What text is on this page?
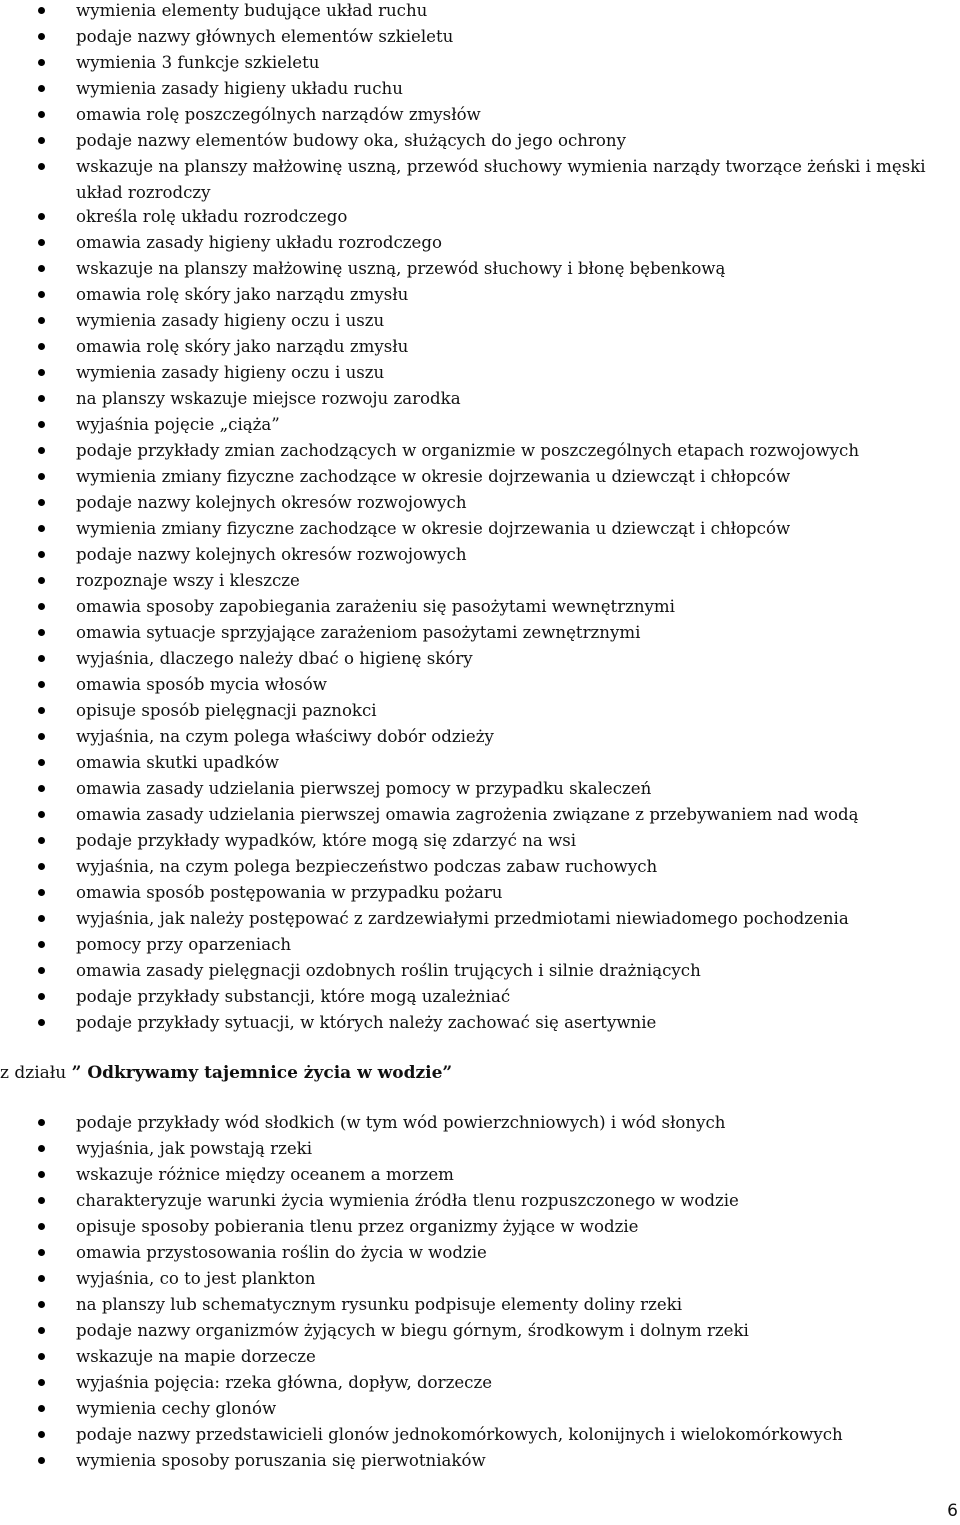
wymienia elementy budujące układ ruchu
podaje nazwy głównych elementów szkieletu
wymienia 3 funkcje szkieletu
wymienia zasady higieny układu ruchu
omawia rolę poszczególnych narządów zmysłów
podaje nazwy elementów budowy oka, służących do jego ochrony
wskazuje na planszy małżowinę uszną, przewód słuchowy wymienia narządy tworzące żeński i męski układ rozrodczy
określa rolę układu rozrodczego
omawia zasady higieny układu rozrodczego
wskazuje na planszy małżowinę uszną, przewód słuchowy i błonę bębenkową
omawia rolę skóry jako narządu zmysłu
wymienia zasady higieny oczu i uszu
omawia rolę skóry jako narządu zmysłu
wymienia zasady higieny oczu i uszu
na planszy wskazuje miejsce rozwoju zarodka
wyjaśnia pojęcie „ciąża”
podaje przykłady zmian zachodzących w organizmie w poszczególnych etapach rozwojowych
wymienia zmiany fizyczne zachodzące w okresie dojrzewania u dziewcząt i chłopców
podaje nazwy kolejnych okresów rozwojowych
wymienia zmiany fizyczne zachodzące w okresie dojrzewania u dziewcząt i chłopców
podaje nazwy kolejnych okresów rozwojowych
rozpoznaje wszy i kleszcze
omawia sposoby zapobiegania zarażeniu się pasożytami wewnętrznymi
omawia sytuacje sprzyjające zarażeniom pasożytami zewnętrznymi
wyjaśnia, dlaczego należy dbać o higienę skóry
omawia sposób mycia włosów
opisuje sposób pielęgnacji paznokci
wyjaśnia, na czym polega właściwy dobór odzieży
omawia skutki upadków
omawia zasady udzielania pierwszej pomocy w przypadku skaleczeń
omawia zasady udzielania pierwszej omawia zagrożenia związane z przebywaniem nad wodą
podaje przykłady wypadków, które mogą się zdarzyć na wsi
wyjaśnia, na czym polega bezpieczeństwo podczas zabaw ruchowych
omawia sposób postępowania w przypadku pożaru
wyjaśnia, jak należy postępować z zardzewiałymi przedmiotami niewiadomego pochodzenia
pomocy przy oparzeniach
omawia zasady pielęgnacji ozdobnych roślin trujących i silnie drażniących
podaje przykłady substancji, które mogą uzależniać
podaje przykłady sytuacji, w których należy zachować się asertywnie
z działu ” Odkrywamy tajemnice życia w wodzie”
podaje przykłady wód słodkich (w tym wód powierzchniowych) i wód słonych
wyjaśnia, jak powstają rzeki
wskazuje różnice między oceanem a morzem
charakteryzuje warunki życia wymienia źródła tlenu rozpuszczonego w wodzie
opisuje sposoby pobierania tlenu przez organizmy żyjące w wodzie
omawia przystosowania roślin do życia w wodzie
wyjaśnia, co to jest plankton
na planszy lub schematycznym rysunku podpisuje elementy doliny rzeki
podaje nazwy organizmów żyjących w biegu górnym, środkowym i dolnym rzeki
wskazuje na mapie dorzecze
wyjaśnia pojęcia: rzeka główna, dopływ, dorzecze
wymienia cechy glonów
podaje nazwy przedstawicieli glonów jednokomórkowych, kolonijnych i wielokomórkowych
wymienia sposoby poruszania się pierwotniaków
6
